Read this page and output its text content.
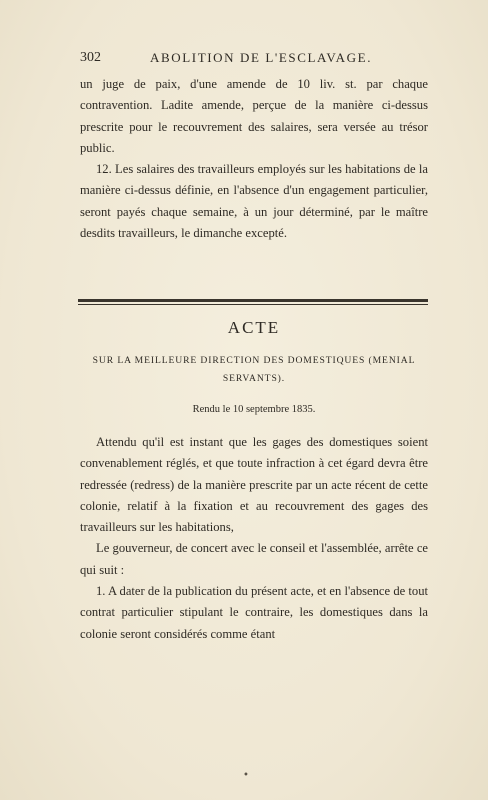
302	ABOLITION DE L'ESCLAVAGE.

un juge de paix, d'une amende de 10 liv. st. par chaque contravention. Ladite amende, perçue de la manière ci-dessus prescrite pour le recouvrement des salaires, sera versée au trésor public.

12. Les salaires des travailleurs employés sur les habitations de la manière ci-dessus définie, en l'absence d'un engagement particulier, seront payés chaque semaine, à un jour déterminé, par le maître desdits travailleurs, le dimanche excepté.

ACTE
SUR LA MEILLEURE DIRECTION DES DOMESTIQUES (MENIAL
SERVANTS).
Rendu le 10 septembre 1835.

Attendu qu'il est instant que les gages des domestiques soient convenablement réglés, et que toute infraction à cet égard devra être redressée (redress) de la manière prescrite par un acte récent de cette colonie, relatif à la fixation et au recouvrement des gages des travailleurs sur les habitations,

Le gouverneur, de concert avec le conseil et l'assemblée, arrête ce qui suit :

1. A dater de la publication du présent acte, et en l'absence de tout contrat particulier stipulant le contraire, les domestiques dans la colonie seront considérés comme étant

•
